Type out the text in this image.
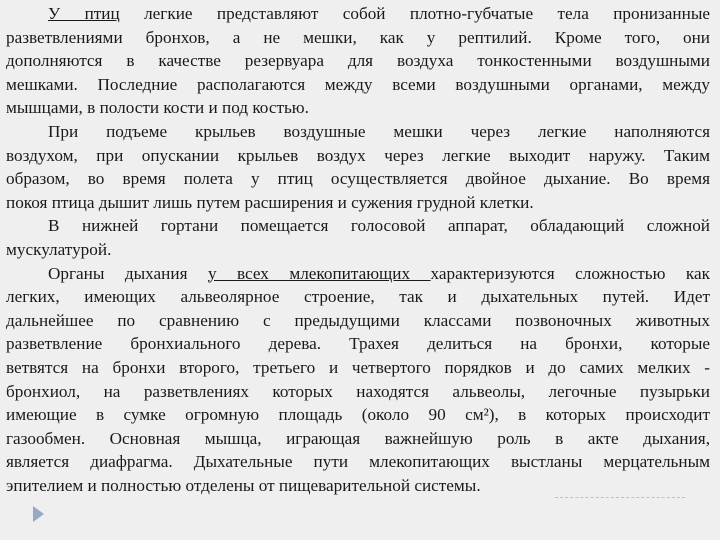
У птиц легкие представляют собой плотно-губчатые тела пронизанные
разветвлениями бронхов, а не мешки, как у рептилий. Кроме того, они
дополняются в качестве резервуара для воздуха тонкостенными воздушными
мешками. Последние располагаются между всеми воздушными органами, между
мышцами, в полости кости и под костью.
При подъеме крыльев воздушные мешки через легкие наполняются
воздухом, при опускании крыльев воздух через легкие выходит наружу. Таким
образом, во время полета у птиц осуществляется двойное дыхание. Во время
покоя птица дышит лишь путем расширения и сужения грудной клетки.
В нижней гортани помещается голосовой аппарат, обладающий сложной
мускулатурой.
Органы дыхания у всех млекопитающих характеризуются сложностью как
легких, имеющих альвеолярное строение, так и дыхательных путей. Идет
дальнейшее по сравнению с предыдущими классами позвоночных животных
разветвление бронхиального дерева. Трахея делиться на бронхи, которые
ветвятся на бронхи второго, третьего и четвертого порядков и до самих мелких -
бронхиол, на разветвлениях которых находятся альвеолы, легочные пузырьки
имеющие в сумке огромную площадь (около 90 см²), в которых происходит
газообмен. Основная мышца, играющая важнейшую роль в акте дыхания,
является диафрагма. Дыхательные пути млекопитающих выстланы мерцательным
эпителием и полностью отделены от пищеварительной системы.
